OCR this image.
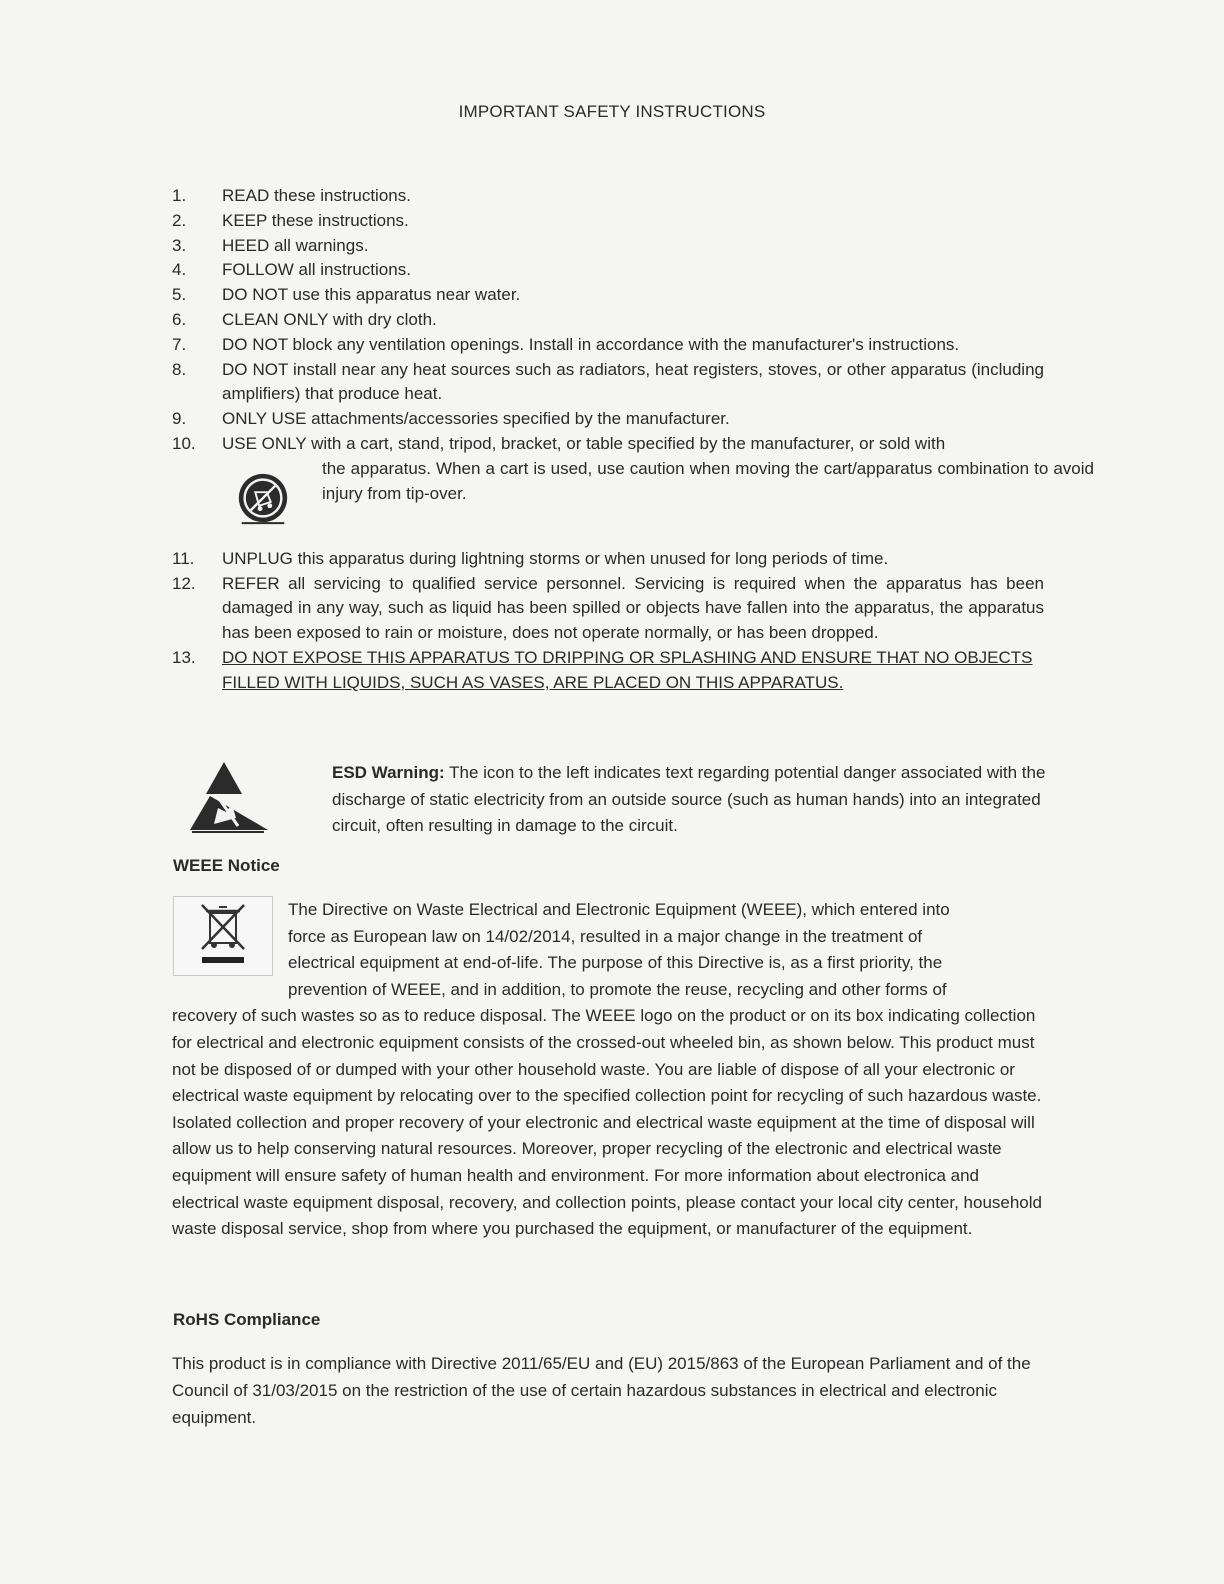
IMPORTANT SAFETY INSTRUCTIONS
1. READ these instructions.
2. KEEP these instructions.
3. HEED all warnings.
4. FOLLOW all instructions.
5. DO NOT use this apparatus near water.
6. CLEAN ONLY with dry cloth.
7. DO NOT block any ventilation openings. Install in accordance with the manufacturer's instructions.
8. DO NOT install near any heat sources such as radiators, heat registers, stoves, or other apparatus (including amplifiers) that produce heat.
9. ONLY USE attachments/accessories specified by the manufacturer.
10. USE ONLY with a cart, stand, tripod, bracket, or table specified by the manufacturer, or sold with
the apparatus. When a cart is used, use caution when moving the cart/apparatus combination to avoid injury from tip-over.
11. UNPLUG this apparatus during lightning storms or when unused for long periods of time.
12. REFER all servicing to qualified service personnel. Servicing is required when the apparatus has been damaged in any way, such as liquid has been spilled or objects have fallen into the apparatus, the apparatus has been exposed to rain or moisture, does not operate normally, or has been dropped.
13. DO NOT EXPOSE THIS APPARATUS TO DRIPPING OR SPLASHING AND ENSURE THAT NO OBJECTS FILLED WITH LIQUIDS, SUCH AS VASES, ARE PLACED ON THIS APPARATUS.
ESD Warning: The icon to the left indicates text regarding potential danger associated with the discharge of static electricity from an outside source (such as human hands) into an integrated circuit, often resulting in damage to the circuit.
WEEE Notice
The Directive on Waste Electrical and Electronic Equipment (WEEE), which entered into
force as European law on 14/02/2014, resulted in a major change in the treatment of
electrical equipment at end-of-life. The purpose of this Directive is, as a first priority, the
prevention of WEEE, and in addition, to promote the reuse, recycling and other forms of
recovery of such wastes so as to reduce disposal. The WEEE logo on the product or on its box indicating collection for electrical and electronic equipment consists of the crossed-out wheeled bin, as shown below. This product must not be disposed of or dumped with your other household waste. You are liable of dispose of all your electronic or electrical waste equipment by relocating over to the specified collection point for recycling of such hazardous waste. Isolated collection and proper recovery of your electronic and electrical waste equipment at the time of disposal will allow us to help conserving natural resources. Moreover, proper recycling of the electronic and electrical waste equipment will ensure safety of human health and environment. For more information about electronica and electrical waste equipment disposal, recovery, and collection points, please contact your local city center, household waste disposal service, shop from where you purchased the equipment, or manufacturer of the equipment.
RoHS Compliance
This product is in compliance with Directive 2011/65/EU and (EU) 2015/863 of the European Parliament and of the Council of 31/03/2015 on the restriction of the use of certain hazardous substances in electrical and electronic equipment.
